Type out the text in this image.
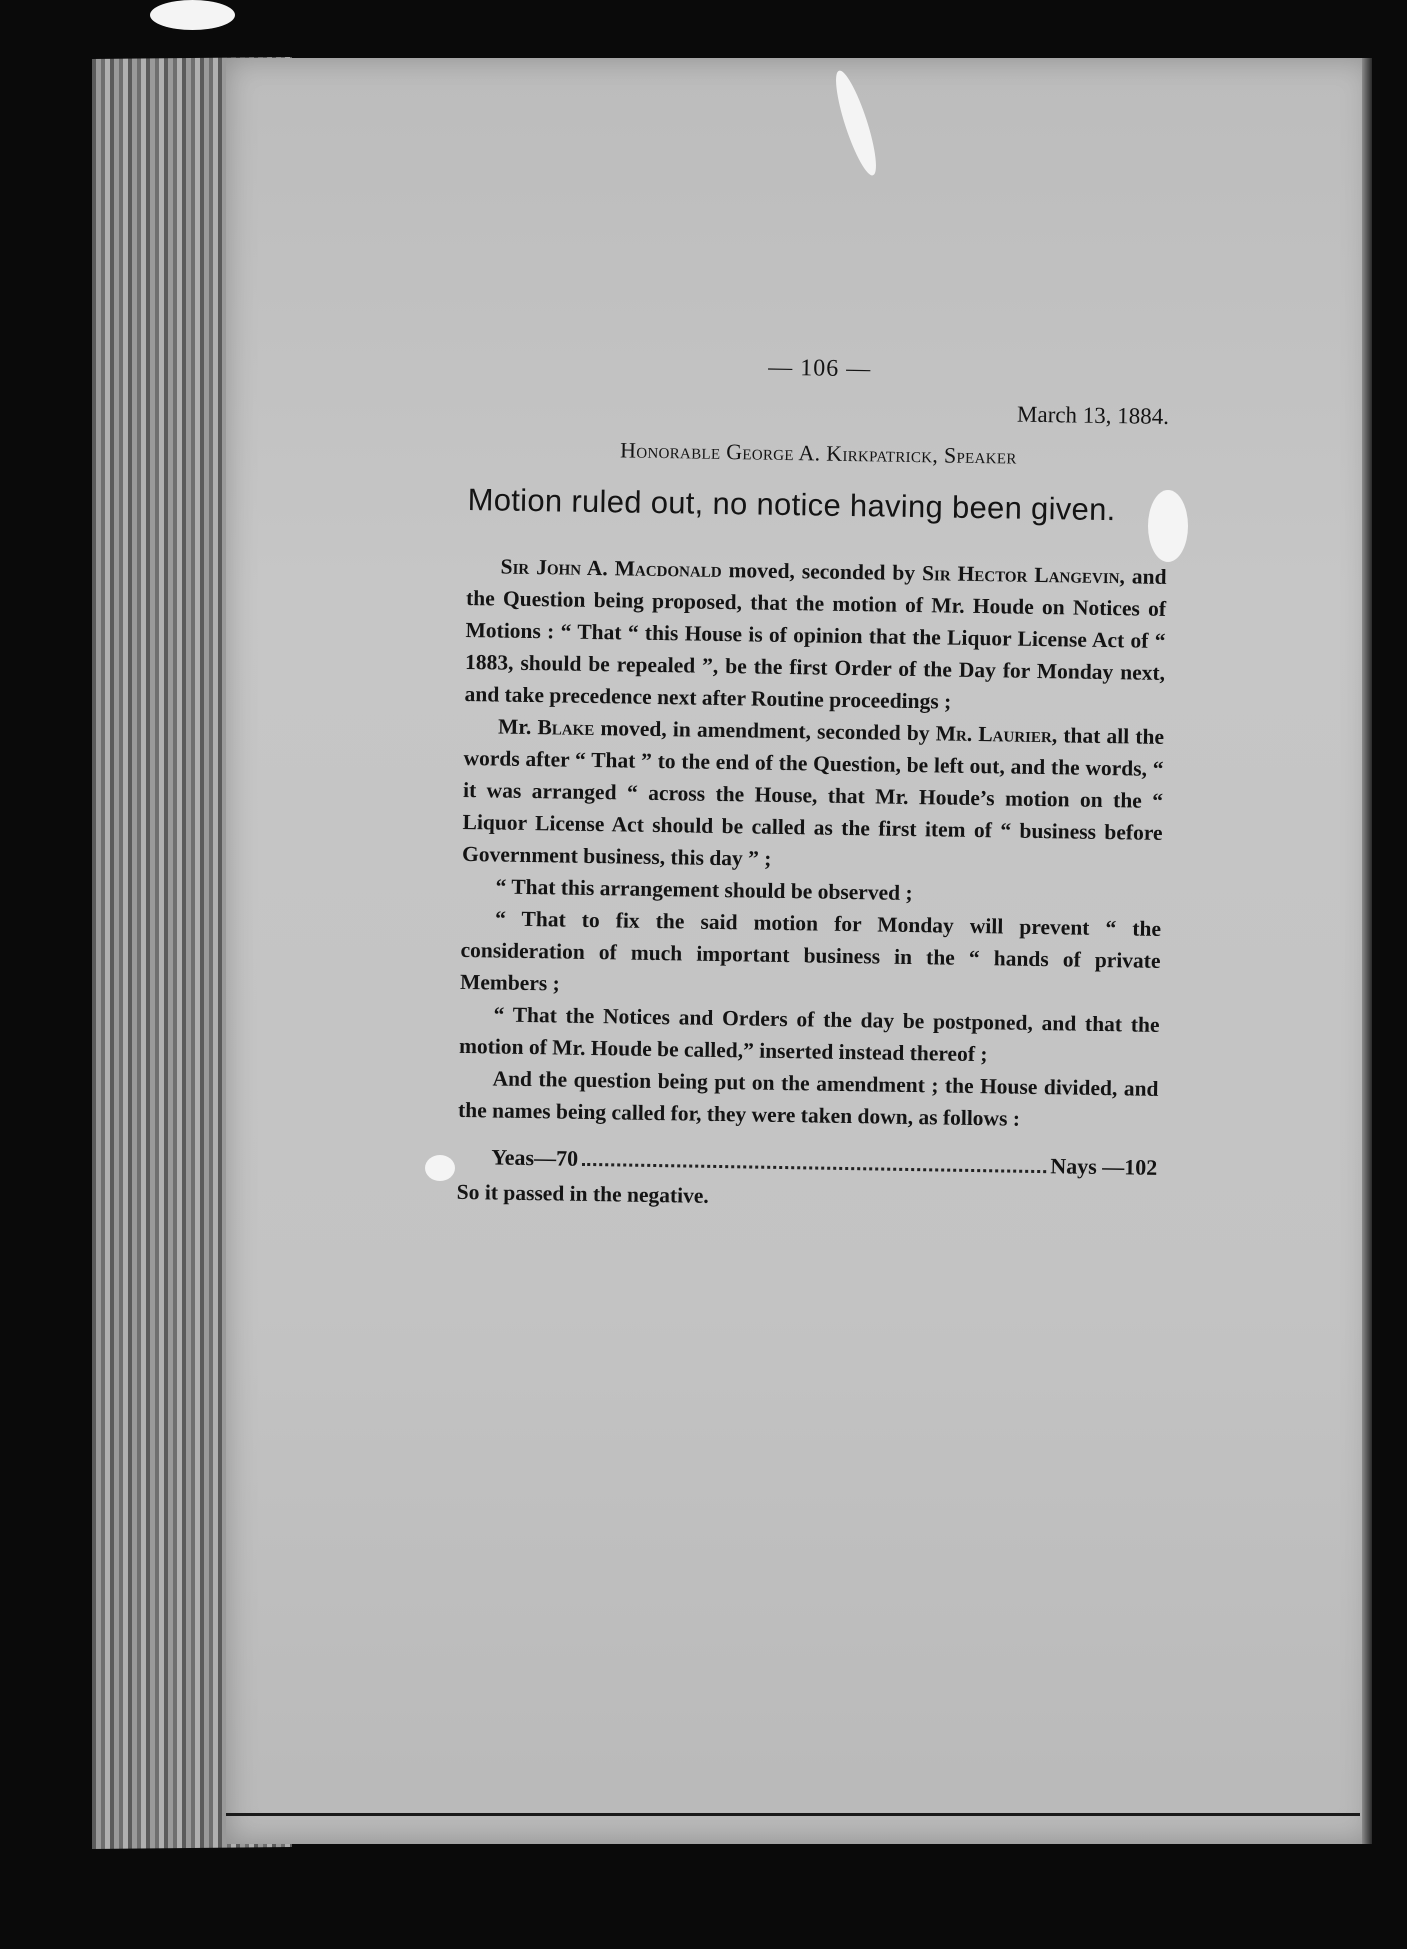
— 106 —

March 13, 1884.

Honorable George A. Kirkpatrick, Speaker

Motion ruled out, no notice having been given.

Sir John A. Macdonald moved, seconded by Sir Hector Langevin, and the Question being proposed, that the motion of Mr. Houde on Notices of Motions : “ That “ this House is of opinion that the Liquor License Act of “ 1883, should be repealed ”, be the first Order of the Day for Monday next, and take precedence next after Routine proceedings ;

Mr. Blake moved, in amendment, seconded by Mr. Laurier, that all the words after “ That ” to the end of the Question, be left out, and the words, “ it was arranged “ across the House, that Mr. Houde’s motion on the “ Liquor License Act should be called as the first item of “ business before Government business, this day ” ;

“ That this arrangement should be observed ;

“ That to fix the said motion for Monday will prevent “ the consideration of much important business in the “ hands of private Members ;

“ That the Notices and Orders of the day be postponed, and that the motion of Mr. Houde be called,” inserted instead thereof ;

And the question being put on the amendment ; the House divided, and the names being called for, they were taken down, as follows :

Yeas—70	Nays —102

So it passed in the negative.
